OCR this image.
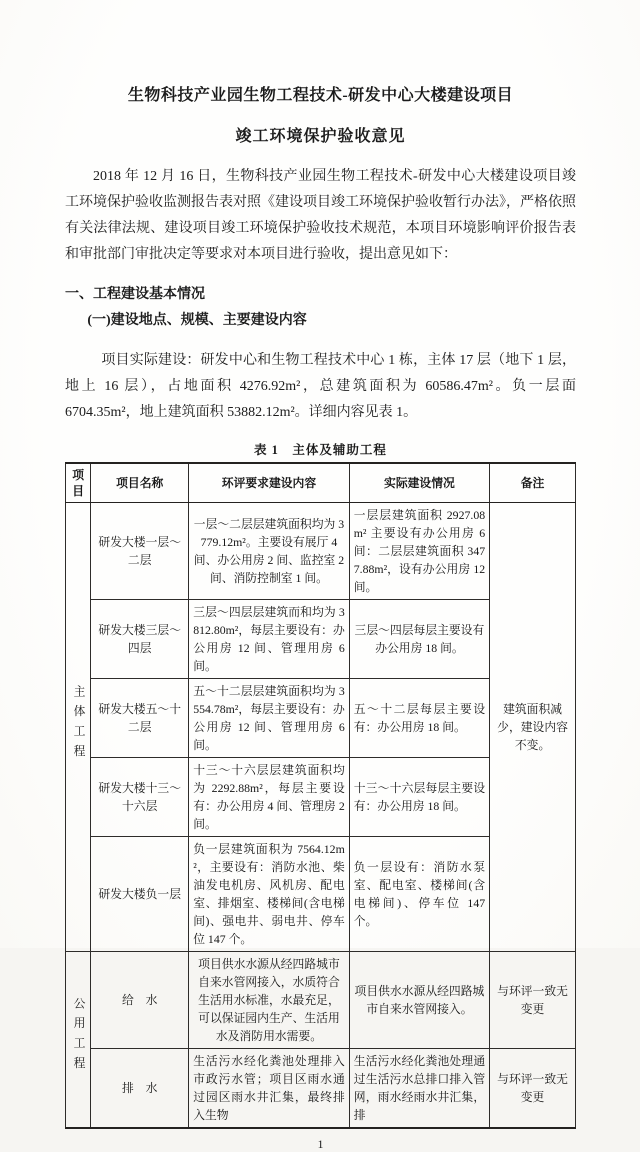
生物科技产业园生物工程技术-研发中心大楼建设项目
竣工环境保护验收意见

2018 年 12 月 16 日，生物科技产业园生物工程技术-研发中心大楼建设项目竣工环境保护验收监测报告表对照《建设项目竣工环境保护验收暂行办法》，严格依照有关法律法规、建设项目竣工环境保护验收技术规范，本项目环境影响评价报告表和审批部门审批决定等要求对本项目进行验收，提出意见如下：

一、工程建设基本情况
(一)建设地点、规模、主要建设内容

项目实际建设：研发中心和生物工程技术中心 1 栋，主体 17 层（地下 1 层，地上 16 层），占地面积 4276.92m²，总建筑面积为 60586.47m²。负一层面 6704.35m²，地上建筑面积 53882.12m²。详细内容见表 1。

表 1　主体及辅助工程
项目	项目名称	环评要求建设内容	实际建设情况	备注
主体工程	研发大楼一层～二层	一层～二层层建筑面积均为 3779.12m²。主要设有展厅 4 间、办公用房 2 间、监控室 2 间、消防控制室 1 间。	一层层建筑面积 2927.08m² 主要设有办公用房 6 间：二层层建筑面积 3477.88m²，设有办公用房 12 间。	建筑面积减少，建设内容不变。
	研发大楼三层～四层	三层～四层层建筑而和均为 3812.80m²，每层主要设有：办公用房 12 间、管理用房 6 间。	三层～四层每层主要设有办公用房 18 间。	
	研发大楼五～十二层	五～十二层层建筑面积均为 3554.78m²，每层主要设有：办公用房 12 间、管理用房 6 间。	五～十二层每层主要设有：办公用房 18 间。	
	研发大楼十三～十六层	十三～十六层层建筑面积均为 2292.88m²，每层主要设有：办公用房 4 间、管理房 2 间。	十三～十六层每层主要设有：办公用房 18 间。	
	研发大楼负一层	负一层建筑面积为 7564.12m²，主要设有：消防水池、柴油发电机房、风机房、配电室、排烟室、楼梯间(含电梯间)、强电井、弱电井、停车位 147 个。	负一层设有：消防水泵室、配电室、楼梯间(含电梯间)、停车位 147 个。	
公用工程	给　水	项目供水水源从经四路城市自来水管网接入，水质符合生活用水标准，水最充足，可以保证园内生产、生活用水及消防用水需要。	项目供水水源从经四路城市自来水管网接入。	与环评一致无变更
	排　水	生活污水经化粪池处理排入市政污水管；项目区雨水通过园区雨水井汇集，最终排入生物	生活污水经化粪池处理通过生活污水总排口排入管网，雨水经雨水井汇集，排	与环评一致无变更
1
